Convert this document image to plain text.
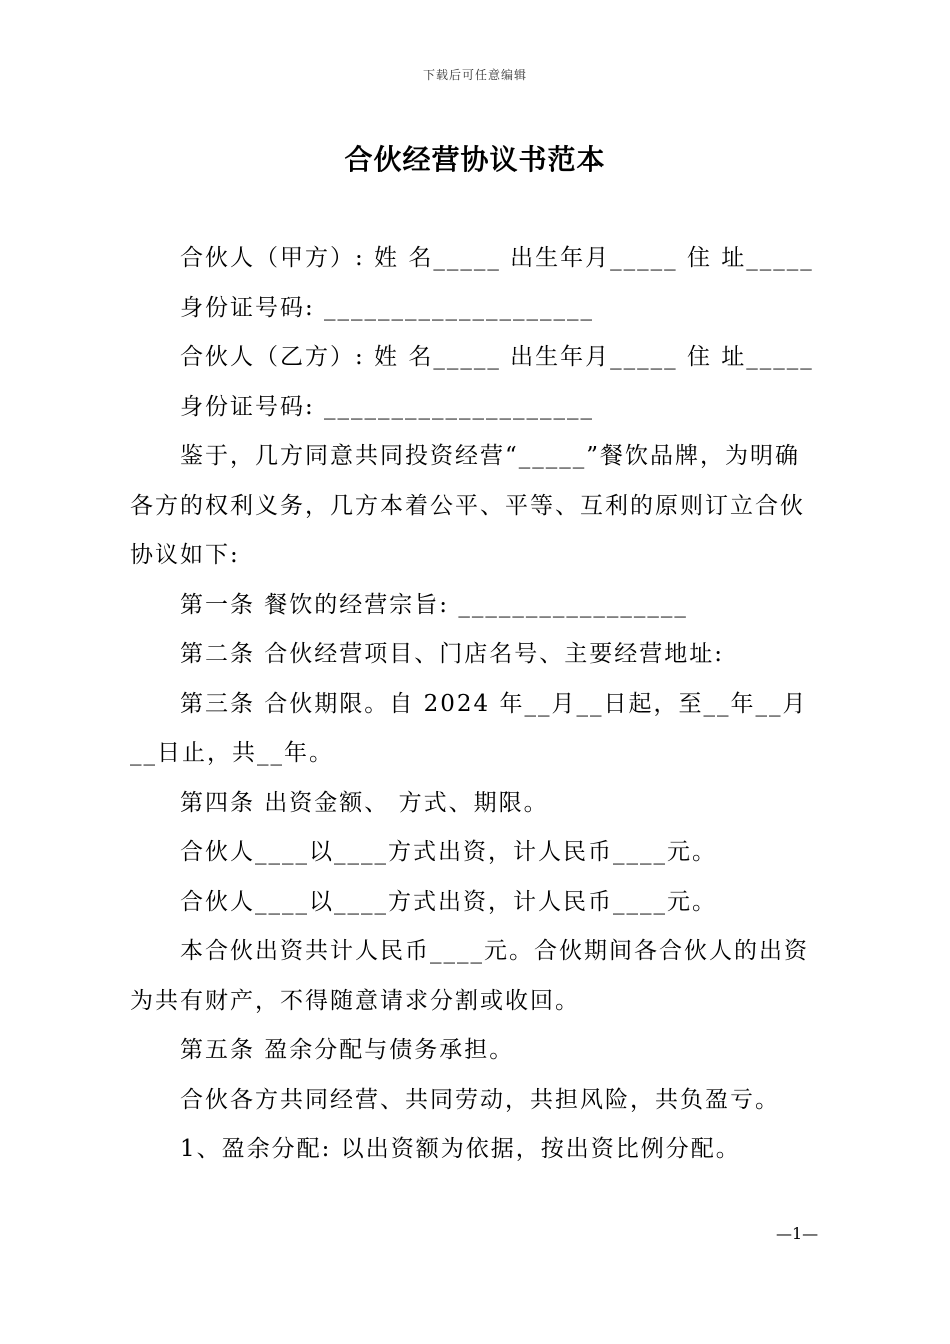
下载后可任意编辑
合伙经营协议书范本

合伙人（甲方）: 姓 名_____ 出生年月_____ 住 址_____

身份证号码: ____________________

合伙人（乙方）: 姓 名_____ 出生年月_____ 住 址_____

身份证号码: ____________________

鉴于，几方同意共同投资经营“_____”餐饮品牌，为明确各方的权利义务，几方本着公平、平等、互利的原则订立合伙协议如下:

第一条 餐饮的经营宗旨: _________________

第二条 合伙经营项目、门店名号、主要经营地址:

第三条 合伙期限。自 2024 年__月__日起，至__年__月__日止，共__年。

第四条 出资金额、 方式、期限。

合伙人____以____方式出资，计人民币____元。

合伙人____以____方式出资，计人民币____元。

本合伙出资共计人民币____元。合伙期间各合伙人的出资为共有财产，不得随意请求分割或收回。

第五条 盈余分配与债务承担。

合伙各方共同经营、共同劳动，共担风险，共负盈亏。

1、盈余分配: 以出资额为依据，按出资比例分配。

—1—
